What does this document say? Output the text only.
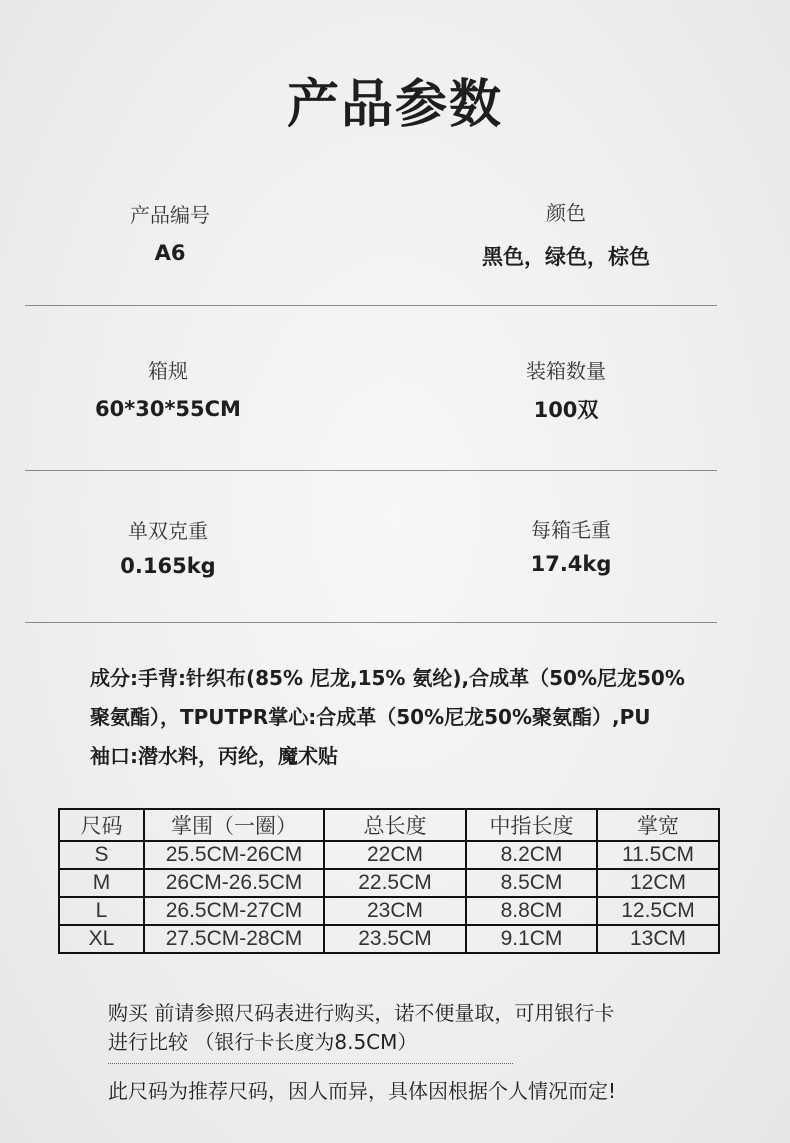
产品参数
产品编号
A6
颜色
黑色，绿色，棕色
箱规
60*30*55CM
装箱数量
100双
单双克重
0.165kg
每箱毛重
17.4kg
成分:手背:针织布(85% 尼龙,15% 氨纶),合成革（50%尼龙50%
聚氨酯），TPUTPR掌心:合成革（50%尼龙50%聚氨酯）,PU
袖口:潜水料，丙纶，魔术贴
尺码	掌围（一圈）	总长度	中指长度	掌宽
S	25.5CM-26CM	22CM	8.2CM	11.5CM
M	26CM-26.5CM	22.5CM	8.5CM	12CM
L	26.5CM-27CM	23CM	8.8CM	12.5CM
XL	27.5CM-28CM	23.5CM	9.1CM	13CM
购买 前请参照尺码表进行购买，诺不便量取，可用银行卡
进行比较 （银行卡长度为8.5CM）
此尺码为推荐尺码，因人而异，具体因根据个人情况而定!
